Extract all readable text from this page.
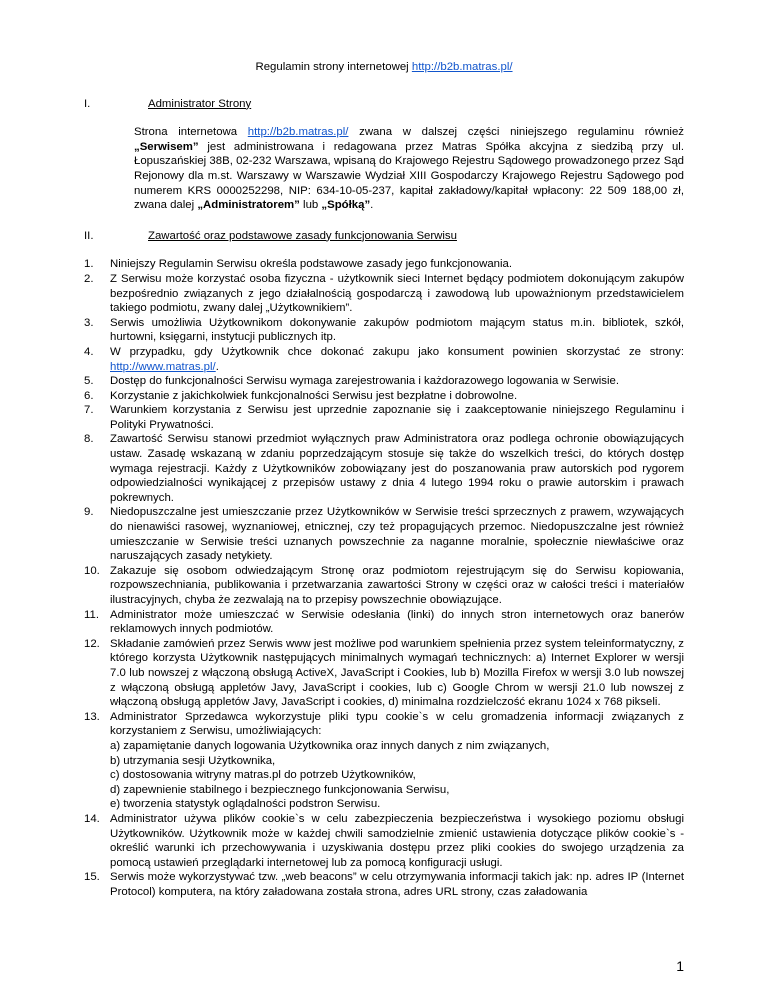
Regulamin strony internetowej http://b2b.matras.pl/
I.	Administrator Strony
Strona internetowa http://b2b.matras.pl/ zwana w dalszej części niniejszego regulaminu również „Serwisem” jest administrowana i redagowana przez Matras Spółka akcyjna z siedzibą przy ul. Łopuszańskiej 38B, 02-232 Warszawa, wpisaną do Krajowego Rejestru Sądowego prowadzonego przez Sąd Rejonowy dla m.st. Warszawy w Warszawie Wydział XIII Gospodarczy Krajowego Rejestru Sądowego pod numerem KRS 0000252298, NIP: 634-10-05-237, kapitał zakładowy/kapitał wpłacony: 22 509 188,00 zł, zwana dalej „Administratorem” lub „Spółką”.
II.	Zawartość oraz podstawowe zasady funkcjonowania Serwisu
1.	Niniejszy Regulamin Serwisu określa podstawowe zasady jego funkcjonowania.
2.	Z Serwisu może korzystać osoba fizyczna - użytkownik sieci Internet będący podmiotem dokonującym zakupów bezpośrednio związanych z jego działalnością gospodarczą i zawodową lub upoważnionym przedstawicielem takiego podmiotu, zwany dalej „Użytkownikiem”.
3.	Serwis umożliwia Użytkownikom dokonywanie zakupów podmiotom mającym status m.in. bibliotek, szkół, hurtowni, księgarni, instytucji publicznych itp.
4.	W przypadku, gdy Użytkownik chce dokonać zakupu jako konsument powinien skorzystać ze strony: http://www.matras.pl/.
5.	Dostęp do funkcjonalności Serwisu wymaga zarejestrowania i każdorazowego logowania w Serwisie.
6.	Korzystanie z jakichkolwiek funkcjonalności Serwisu jest bezpłatne i dobrowolne.
7.	Warunkiem korzystania z Serwisu jest uprzednie zapoznanie się i zaakceptowanie niniejszego Regulaminu i Polityki Prywatności.
8.	Zawartość Serwisu stanowi przedmiot wyłącznych praw Administratora oraz podlega ochronie obowiązujących ustaw. Zasadę wskazaną w zdaniu poprzedzającym stosuje się także do wszelkich treści, do których dostęp wymaga rejestracji. Każdy z Użytkowników zobowiązany jest do poszanowania praw autorskich pod rygorem odpowiedzialności wynikającej z przepisów ustawy z dnia 4 lutego 1994 roku o prawie autorskim i prawach pokrewnych.
9.	Niedopuszczalne jest umieszczanie przez Użytkowników w Serwisie treści sprzecznych z prawem, wzywających do nienawiści rasowej, wyznaniowej, etnicznej, czy też propagujących przemoc. Niedopuszczalne jest również umieszczanie w Serwisie treści uznanych powszechnie za naganne moralnie, społecznie niewłaściwe oraz naruszających zasady netykiety.
10. Zakazuje się osobom odwiedzającym Stronę oraz podmiotom rejestrującym się do Serwisu kopiowania, rozpowszechniania, publikowania i przetwarzania zawartości Strony w części oraz w całości treści i materiałów ilustracyjnych, chyba że zezwalają na to przepisy powszechnie obowiązujące.
11. Administrator może umieszczać w Serwisie odesłania (linki) do innych stron internetowych oraz banerów reklamowych innych podmiotów.
12. Składanie zamówień przez Serwis www jest możliwe pod warunkiem spełnienia przez system teleinformatyczny, z którego korzysta Użytkownik następujących minimalnych wymagań technicznych: a) Internet Explorer w wersji 7.0 lub nowszej z włączoną obsługą ActiveX, JavaScript i Cookies, lub b) Mozilla Firefox w wersji 3.0 lub nowszej z włączoną obsługą appletów Javy, JavaScript i cookies, lub c) Google Chrom w wersji 21.0 lub nowszej z włączoną obsługą appletów Javy, JavaScript i cookies, d) minimalna rozdzielczość ekranu 1024 x 768 pikseli.
13. Administrator Sprzedawca wykorzystuje pliki typu cookie`s w celu gromadzenia informacji związanych z korzystaniem z Serwisu, umożliwiających:
a) zapamiętanie danych logowania Użytkownika oraz innych danych z nim związanych,
b) utrzymania sesji Użytkownika,
c) dostosowania witryny matras.pl do potrzeb Użytkowników,
d) zapewnienie stabilnego i bezpiecznego funkcjonowania Serwisu,
e) tworzenia statystyk oglądalności podstron Serwisu.
14. Administrator używa plików cookie`s w celu zabezpieczenia bezpieczeństwa i wysokiego poziomu obsługi Użytkowników. Użytkownik może w każdej chwili samodzielnie zmienić ustawienia dotyczące plików cookie`s - określić warunki ich przechowywania i uzyskiwania dostępu przez pliki cookies do swojego urządzenia za pomocą ustawień przeglądarki internetowej lub za pomocą konfiguracji usługi.
15. Serwis może wykorzystywać tzw. „web beacons” w celu otrzymywania informacji takich jak: np. adres IP (Internet Protocol) komputera, na który załadowana została strona, adres URL strony, czas załadowania
1
